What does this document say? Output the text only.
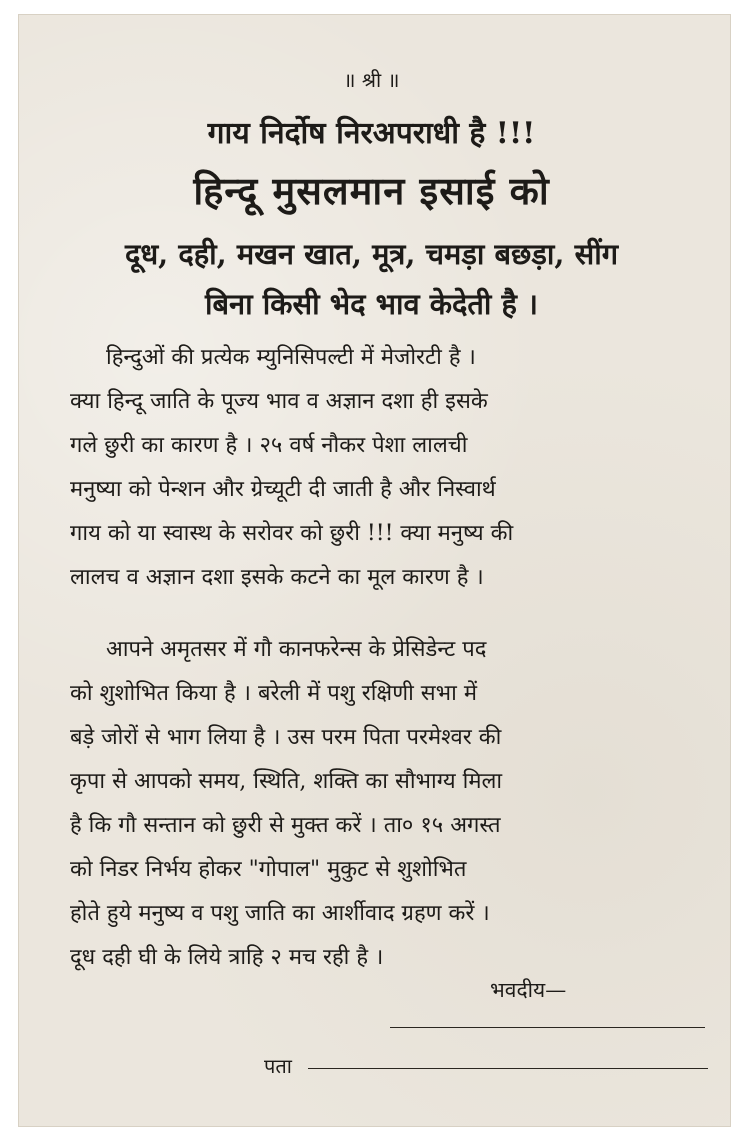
॥ श्री ॥
गाय निर्दोष निरअपराधी है !!!
हिन्दू मुसलमान इसाई को
दूध, दही, मखन खात, मूत्र, चमड़ा बछड़ा, सींग
बिना किसी भेद भाव केदेती है ।
हिन्दुओं की प्रत्येक म्युनिसिपल्टी में मेजोरटी है ।
क्या हिन्दू जाति के पूज्य भाव व अज्ञान दशा ही इसके
गले छुरी का कारण है । २५ वर्ष नौकर पेशा लालची
मनुष्या को पेन्शन और ग्रेच्यूटी दी जाती है और निस्वार्थ
गाय को या स्वास्थ के सरोवर को छुरी !!! क्या मनुष्य की
लालच व अज्ञान दशा इसके कटने का मूल कारण है ।
आपने अमृतसर में गौ कानफरेन्स के प्रेसिडेन्ट पद
को शुशोभित किया है । बरेली में पशु रक्षिणी सभा में
बड़े जोरों से भाग लिया है । उस परम पिता परमेश्वर की
कृपा से आपको समय, स्थिति, शक्ति का सौभाग्य मिला
है कि गौ सन्तान को छुरी से मुक्त करें । ता० १५ अगस्त
को निडर निर्भय होकर "गोपाल" मुकुट से शुशोभित
होते हुये मनुष्य व पशु जाति का आर्शीवाद ग्रहण करें ।
दूध दही घी के लिये त्राहि २ मच रही है ।
भवदीय—
पता
